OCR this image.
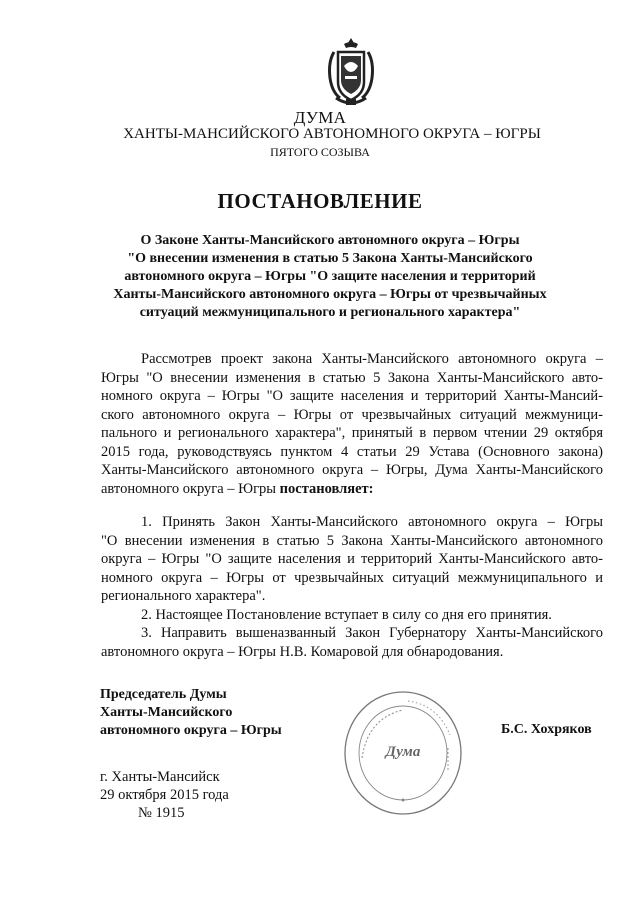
ДУМА
ХАНТЫ-МАНСИЙСКОГО АВТОНОМНОГО ОКРУГА – ЮГРЫ
ПЯТОГО СОЗЫВА
ПОСТАНОВЛЕНИЕ
О Законе Ханты-Мансийского автономного округа – Югры
"О внесении изменения в статью 5 Закона Ханты-Мансийского
автономного округа – Югры "О защите населения и территорий
Ханты-Мансийского автономного округа – Югры от чрезвычайных
ситуаций межмуниципального и регионального характера"
Рассмотрев проект закона Ханты-Мансийского автономного округа –
Югры "О внесении изменения в статью 5 Закона Ханты-Мансийского авто-
номного округа – Югры "О защите населения и территорий Ханты-Мансий-
ского автономного округа – Югры от чрезвычайных ситуаций межмуници-
пального и регионального характера", принятый в первом чтении 29 октября
2015 года, руководствуясь пунктом 4 статьи 29 Устава (Основного закона)
Ханты-Мансийского автономного округа – Югры, Дума Ханты-Мансийского
автономного округа – Югры постановляет:
1. Принять Закон Ханты-Мансийского автономного округа – Югры
"О внесении изменения в статью 5 Закона Ханты-Мансийского автономного
округа – Югры "О защите населения и территорий Ханты-Мансийского авто-
номного округа – Югры от чрезвычайных ситуаций межмуниципального и
регионального характера".
2. Настоящее Постановление вступает в силу со дня его принятия.
3. Направить вышеназванный Закон Губернатору Ханты-Мансийского
автономного округа – Югры Н.В. Комаровой для обнародования.
Председатель Думы
Ханты-Мансийского
автономного округа – Югры
Дума
Б.С. Хохряков
г. Ханты-Мансийск
29 октября 2015 года
№ 1915
